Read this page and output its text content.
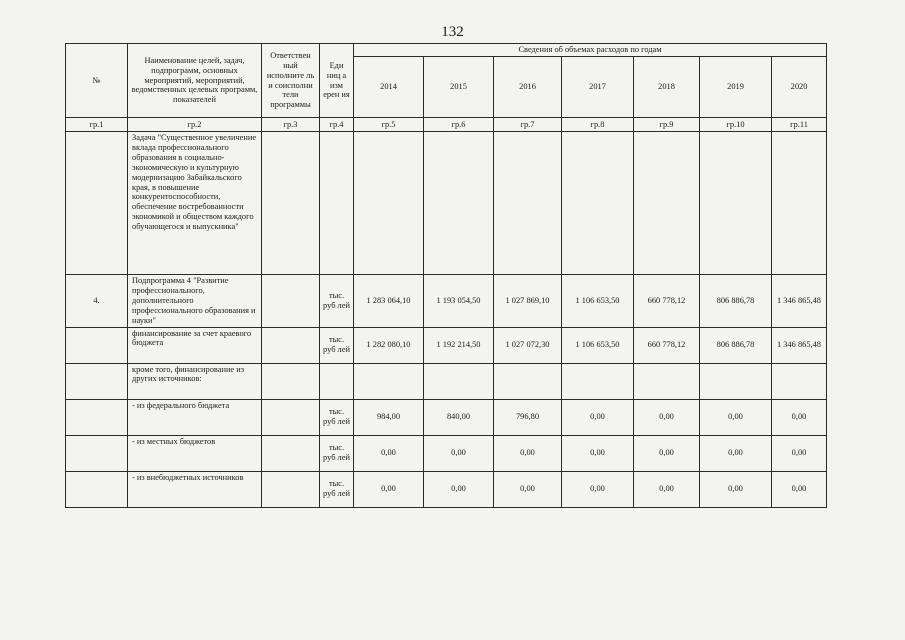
132
№	Наименование целей, задач, подпрограмм, основных мероприятий, мероприятий, ведомственных целевых программ, показателей	Ответствен ный исполните ль и соисполни тели программы	Еди ниц а изм ерен ия	Сведения об объемах расходов по годам						
				2014	2015	2016	2017	2018	2019	2020
гр.1	гр.2	гр.3	гр.4	гр.5	гр.6	гр.7	гр.8	гр.9	гр.10	гр.11
	Задача "Существенное увеличение вклада профессионального образования в социально-экономическую и культурную модернизацию Забайкальского края, в повышение конкурентоспособности, обеспечение востребованности экономикой и обществом каждого обучающегося и выпускника"									
4.	Подпрограмма 4 "Развитие профессионального, дополнительного профессионального образования и науки"		тыс. руб лей	1 283 064,10	1 193 054,50	1 027 869,10	1 106 653,50	660 778,12	806 886,78	1 346 865,48
	финансирование за счет краевого бюджета		тыс. руб лей	1 282 080,10	1 192 214,50	1 027 072,30	1 106 653,50	660 778,12	806 886,78	1 346 865,48
	кроме того, финансирование из других источников:									
	- из федерального бюджета		тыс. руб лей	984,00	840,00	796,80	0,00	0,00	0,00	0,00
	- из местных бюджетов		тыс. руб лей	0,00	0,00	0,00	0,00	0,00	0,00	0,00
	- из внебюджетных источников		тыс. руб лей	0,00	0,00	0,00	0,00	0,00	0,00	0,00
